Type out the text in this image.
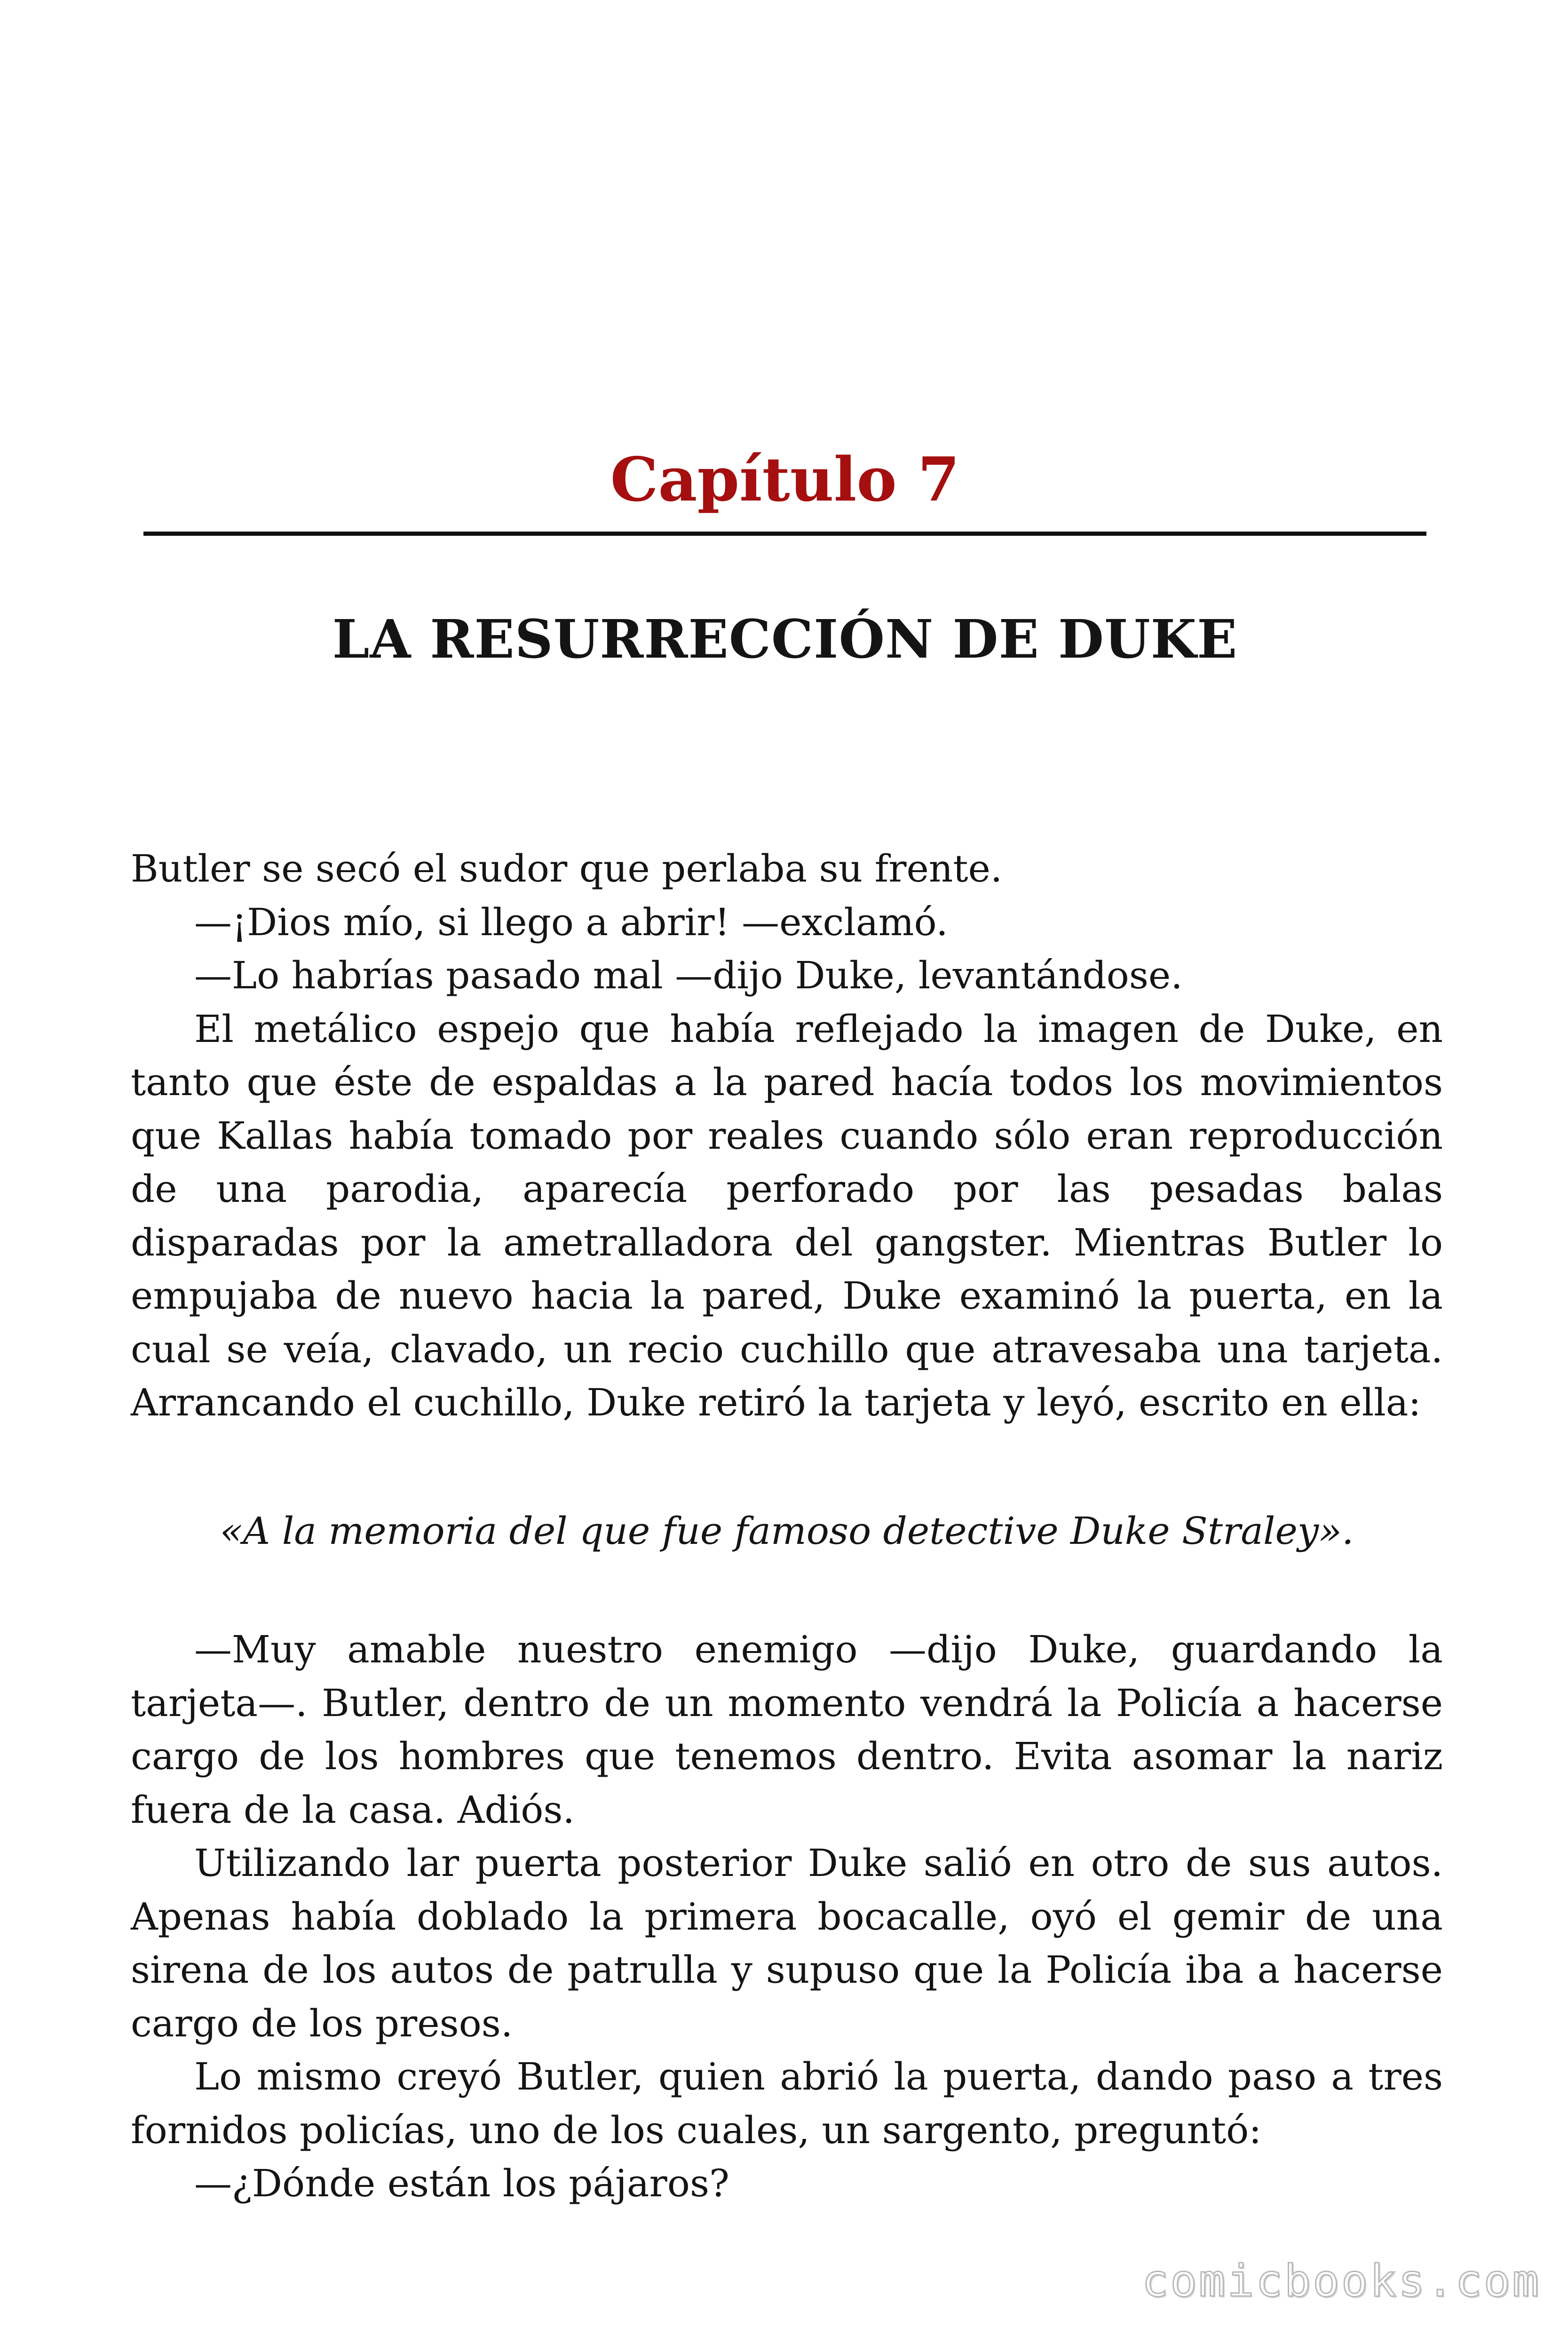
Capítulo 7
LA RESURRECCIÓN DE DUKE

Butler se secó el sudor que perlaba su frente.

—¡Dios mío, si llego a abrir! —exclamó.

—Lo habrías pasado mal —dijo Duke, levantándose.

El metálico espejo que había reflejado la imagen de Duke, en tanto que éste de espaldas a la pared hacía todos los movimientos que Kallas había tomado por reales cuando sólo eran reproducción de una parodia, aparecía perforado por las pesadas balas disparadas por la ametralladora del gangster. Mientras Butler lo empujaba de nuevo hacia la pared, Duke examinó la puerta, en la cual se veía, clavado, un recio cuchillo que atravesaba una tarjeta. Arrancando el cuchillo, Duke retiró la tarjeta y leyó, escrito en ella:

«A la memoria del que fue famoso detective Duke Straley».

—Muy amable nuestro enemigo —dijo Duke, guardando la tarjeta—. Butler, dentro de un momento vendrá la Policía a hacerse cargo de los hombres que tenemos dentro. Evita asomar la nariz fuera de la casa. Adiós.

Utilizando lar puerta posterior Duke salió en otro de sus autos. Apenas había doblado la primera bocacalle, oyó el gemir de una sirena de los autos de patrulla y supuso que la Policía iba a hacerse cargo de los presos.

Lo mismo creyó Butler, quien abrió la puerta, dando paso a tres fornidos policías, uno de los cuales, un sargento, preguntó:

—¿Dónde están los pájaros?

comicbooks.com
